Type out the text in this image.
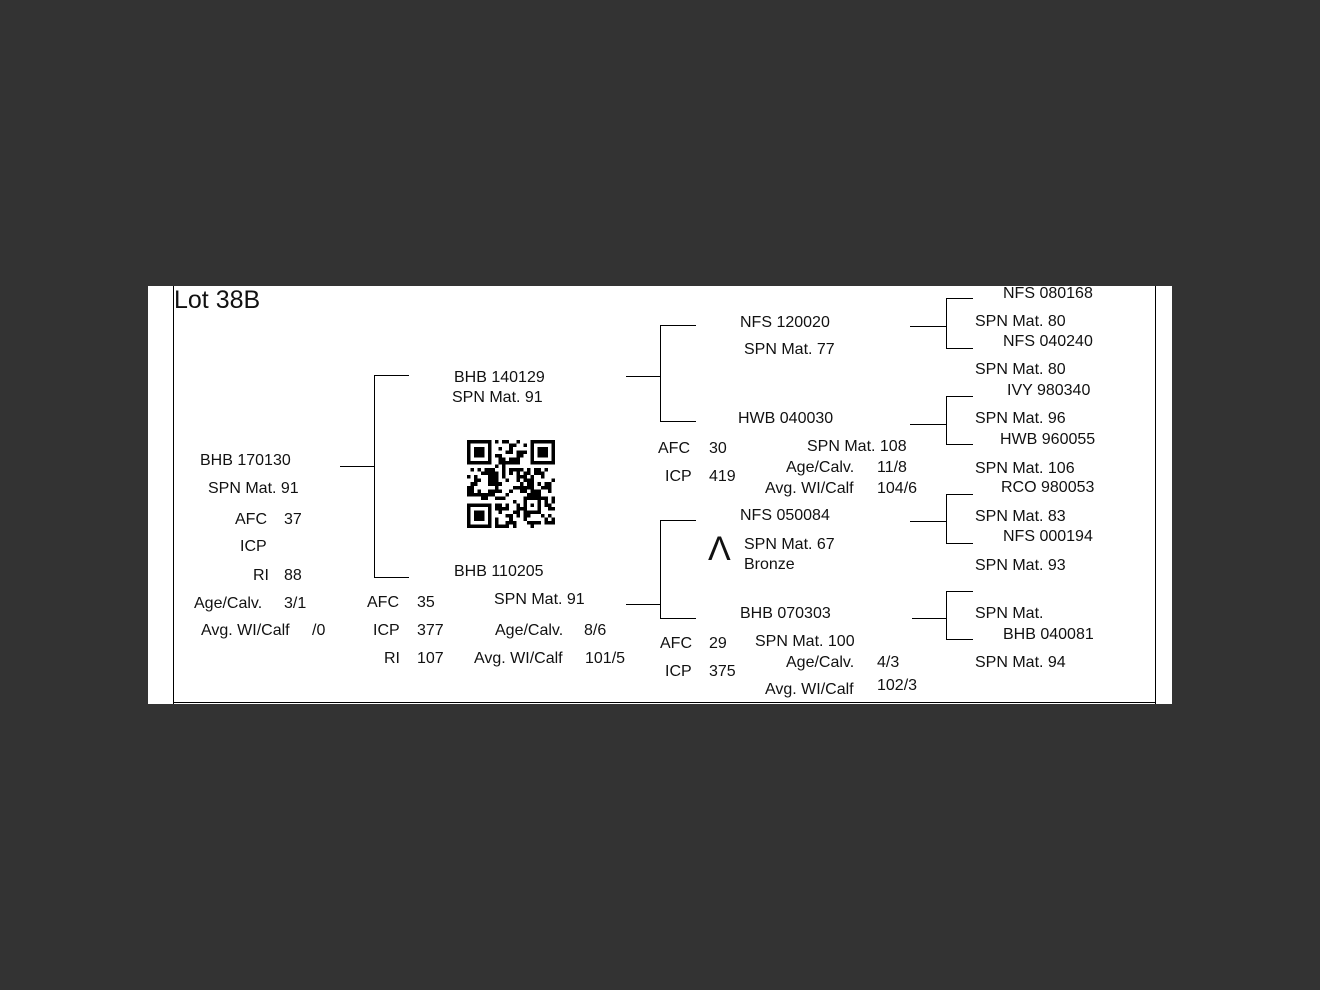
Lot 38B
BHB 170130
SPN Mat. 91
AFC 37
ICP
RI 88
Age/Calv. 3/1
Avg. WI/Calf /0
BHB 140129
SPN Mat. 91
BHB 110205
SPN Mat. 91
AFC 35
ICP 377
RI 107
Age/Calv. 8/6
Avg. WI/Calf 101/5
NFS 120020
SPN Mat. 77
HWB 040030
SPN Mat. 108
AFC 30
ICP 419
Age/Calv. 11/8
Avg. WI/Calf 104/6
NFS 050084
Λ SPN Mat. 67
Bronze
BHB 070303
SPN Mat. 100
AFC 29
ICP 375
Age/Calv. 4/3
Avg. WI/Calf 102/3
NFS 080168
SPN Mat. 80
NFS 040240
SPN Mat. 80
IVY 980340
SPN Mat. 96
HWB 960055
SPN Mat. 106
RCO 980053
SPN Mat. 83
NFS 000194
SPN Mat. 93
SPN Mat.
BHB 040081
SPN Mat. 94
